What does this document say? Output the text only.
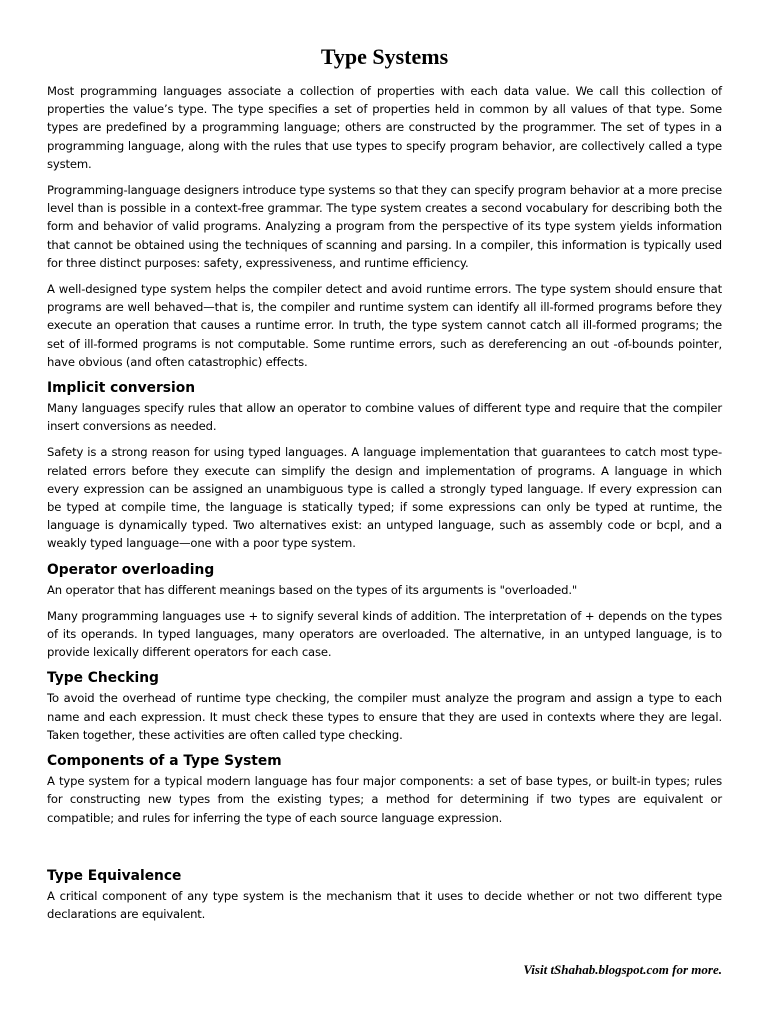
Type Systems

Most programming languages associate a collection of properties with each data value. We call this collection of properties the value’s type. The type specifies a set of properties held in common by all values of that type. Some types are predefined by a programming language; others are constructed by the programmer. The set of types in a programming language, along with the rules that use types to specify program behavior, are collectively called a type system.

Programming-language designers introduce type systems so that they can specify program behavior at a more precise level than is possible in a context-free grammar. The type system creates a second vocabulary for describing both the form and behavior of valid programs. Analyzing a program from the perspective of its type system yields information that cannot be obtained using the techniques of scanning and parsing. In a compiler, this information is typically used for three distinct purposes: safety, expressiveness, and runtime efficiency.

A well-designed type system helps the compiler detect and avoid runtime errors. The type system should ensure that programs are well behaved—that is, the compiler and runtime system can identify all ill-formed programs before they execute an operation that causes a runtime error. In truth, the type system cannot catch all ill-formed programs; the set of ill-formed programs is not computable. Some runtime errors, such as dereferencing an out -of-bounds pointer, have obvious (and often catastrophic) effects.

Implicit conversion

Many languages specify rules that allow an operator to combine values of different type and require that the compiler insert conversions as needed.

Safety is a strong reason for using typed languages. A language implementation that guarantees to catch most type-related errors before they execute can simplify the design and implementation of programs. A language in which every expression can be assigned an unambiguous type is called a strongly typed language. If every expression can be typed at compile time, the language is statically typed; if some expressions can only be typed at runtime, the language is dynamically typed. Two alternatives exist: an untyped language, such as assembly code or bcpl, and a weakly typed language—one with a poor type system.

Operator overloading

An operator that has different meanings based on the types of its arguments is "overloaded."

Many programming languages use + to signify several kinds of addition. The interpretation of + depends on the types of its operands. In typed languages, many operators are overloaded. The alternative, in an untyped language, is to provide lexically different operators for each case.

Type Checking

To avoid the overhead of runtime type checking, the compiler must analyze the program and assign a type to each name and each expression. It must check these types to ensure that they are used in contexts where they are legal. Taken together, these activities are often called type checking.

Components of a Type System

A type system for a typical modern language has four major components: a set of base types, or built-in types; rules for constructing new types from the existing types; a method for determining if two types are equivalent or compatible; and rules for inferring the type of each source language expression.

Type Equivalence

A critical component of any type system is the mechanism that it uses to decide whether or not two different type declarations are equivalent.

Visit tShahab.blogspot.com for more.
